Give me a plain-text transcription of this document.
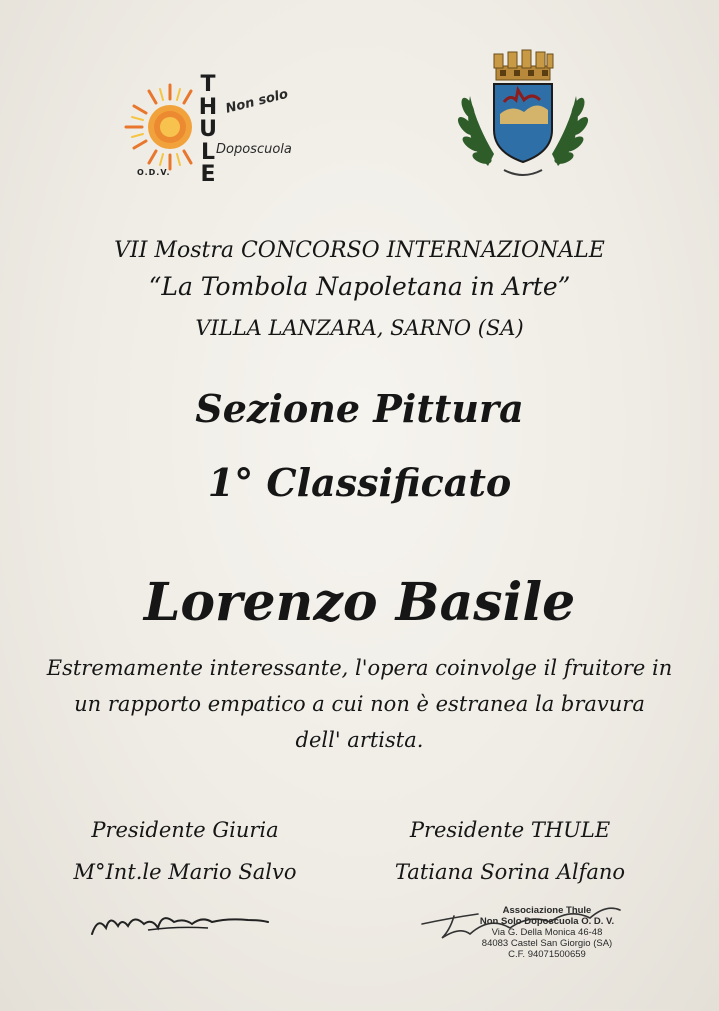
T
H
U
L
E
Non solo
Doposcuola
O.D.V.
VII Mostra CONCORSO INTERNAZIONALE
“La Tombola Napoletana in Arte”
VILLA LANZARA, SARNO (SA)
Sezione Pittura
1° Classificato
Lorenzo Basile
Estremamente interessante, l'opera coinvolge il fruitore in
un rapporto empatico a cui non è estranea la bravura
dell' artista.
Presidente Giuria
M°Int.le Mario Salvo
Presidente THULE
Tatiana Sorina Alfano
Associazione Thule
Non Solo Doposcuola O. D. V.
Via G. Della Monica 46-48
84083 Castel San Giorgio (SA)
C.F. 94071500659
